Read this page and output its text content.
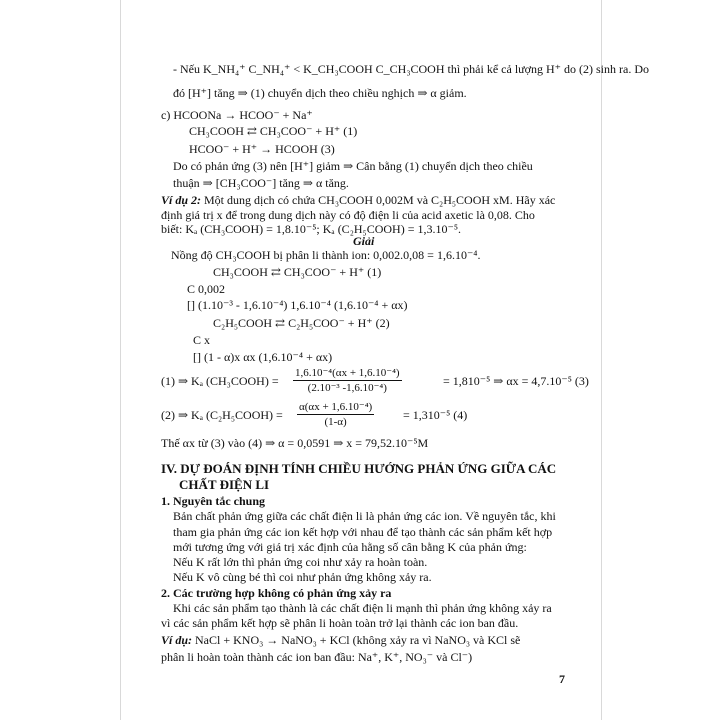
- Nếu K_NH₄⁺ C_NH₄⁺ < K_CH₃COOH C_CH₃COOH thì phải kể cả lượng H⁺ do (2) sinh ra. Do
đó [H⁺] tăng ⇒ (1) chuyển dịch theo chiều nghịch ⇒ α giảm.
c) HCOONa → HCOO⁻ + Na⁺
CH₃COOH ⇄ CH₃COO⁻ + H⁺ (1)
HCOO⁻ + H⁺ → HCOOH (3)
Do có phản ứng (3) nên [H⁺] giảm ⇒ Cân bằng (1) chuyển dịch theo chiều
thuận ⇒ [CH₃COO⁻] tăng ⇒ α tăng.
Ví dụ 2: Một dung dịch có chứa CH₃COOH 0,002M và C₂H₅COOH xM. Hãy xác
định giá trị x để trong dung dịch này có độ điện li của acid axetic là 0,08. Cho
biết: Kₐ (CH₃COOH) = 1,8.10⁻⁵; Kₐ (C₂H₅COOH) = 1,3.10⁻⁵.
Giải
Nồng độ CH₃COOH bị phân li thành ion: 0,002.0,08 = 1,6.10⁻⁴.
CH₃COOH ⇄ CH₃COO⁻ + H⁺ (1)
C 0,002
[] (1.10⁻³ - 1,6.10⁻⁴) 1,6.10⁻⁴ (1,6.10⁻⁴ + αx)
C₂H₅COOH ⇄ C₂H₅COO⁻ + H⁺ (2)
C x
[] (1 - α)x αx (1,6.10⁻⁴ + αx)
(1) ⇒ Kₐ (CH₃COOH) = $\frac{\text{1,6.10⁻⁴(αx + 1,6.10⁻⁴)}}{\text{(2.10⁻³ -1,6.10⁻⁴)}}$	= 1,810⁻⁵ ⇒ αx = 4,7.10⁻⁵ (3)
(2) ⇒ Kₐ (C₂H₅COOH) = $\frac{\text{α(αx + 1,6.10⁻⁴)}}{(1-\alpha)} = 1,310^{-5}$ (4)
Thế αx từ (3) vào (4) ⇒ α = 0,0591 ⇒ x = 79,52.10⁻⁵M
IV. DỰ ĐOÁN ĐỊNH TÍNH CHIỀU HƯỚNG PHẢN ỨNG GIỮA CÁC
CHẤT ĐIỆN LI
1. Nguyên tắc chung
Bản chất phản ứng giữa các chất điện li là phản ứng các ion. Về nguyên tắc, khi
tham gia phản ứng các ion kết hợp với nhau để tạo thành các sản phẩm kết hợp
mới tương ứng với giá trị xác định của hằng số cân bằng K của phản ứng:
Nếu K rất lớn thì phản ứng coi như xảy ra hoàn toàn.
Nếu K vô cùng bé thì coi như phản ứng không xảy ra.
2. Các trường hợp không có phản ứng xảy ra
Khi các sản phẩm tạo thành là các chất điện li mạnh thì phản ứng không xảy ra
vì các sản phẩm kết hợp sẽ phân li hoàn toàn trở lại thành các ion ban đầu.
Ví dụ: NaCl + KNO₃ → NaNO₃ + KCl (không xảy ra vì NaNO₃ và KCl sẽ
phân li hoàn toàn thành các ion ban đầu: Na⁺, K⁺, NO₃⁻ và Cl⁻)
7
